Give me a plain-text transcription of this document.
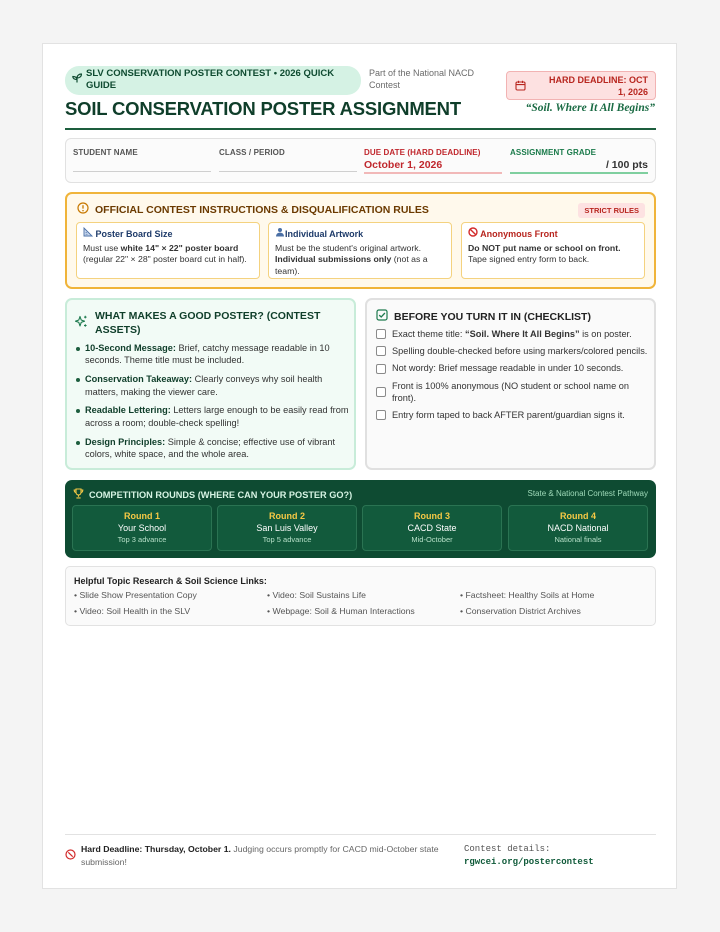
SLV CONSERVATION POSTER CONTEST • 2026 QUICK GUIDE
Part of the National NACD Contest	HARD DEADLINE: OCT 1, 2026
SOIL CONSERVATION POSTER ASSIGNMENT	“Soil. Where It All Begins”
STUDENT NAME	CLASS / PERIOD	DUE DATE (HARD DEADLINE)
October 1, 2026
ASSIGNMENT GRADE
/ 100 pts
OFFICIAL CONTEST INSTRUCTIONS & DISQUALIFICATION RULES	STRICT RULES
Poster Board Size
Must use white 14" × 22" poster board (regular 22" × 28" poster board cut in half).
Individual Artwork
Must be the student's original artwork. Individual submissions only (not as a team).
Anonymous Front
Do NOT put name or school on front. Tape signed entry form to back.
WHAT MAKES A GOOD POSTER? (CONTEST ASSETS)
10-Second Message: Brief, catchy message readable in 10 seconds. Theme title must be included.
Conservation Takeaway: Clearly conveys why soil health matters, making the viewer care.
Readable Lettering: Letters large enough to be easily read from across a room; double-check spelling!
Design Principles: Simple & concise; effective use of vibrant colors, white space, and the whole area.
BEFORE YOU TURN IT IN (CHECKLIST)
Exact theme title: “Soil. Where It All Begins” is on poster.
Spelling double-checked before using markers/colored pencils.
Not wordy: Brief message readable in under 10 seconds.
Front is 100% anonymous (NO student or school name on front).
Entry form taped to back AFTER parent/guardian signs it.
COMPETITION ROUNDS (WHERE CAN YOUR POSTER GO?)	State & National Contest Pathway
Round 1
Your School
Top 3 advance
Round 2
San Luis Valley
Top 5 advance
Round 3
CACD State
Mid-October
Round 4
NACD National
National finals
Helpful Topic Research & Soil Science Links:
• Slide Show Presentation Copy	• Video: Soil Sustains Life	• Factsheet: Healthy Soils at Home
• Video: Soil Health in the SLV	• Webpage: Soil & Human Interactions	• Conservation District Archives
Hard Deadline: Thursday, October 1. Judging occurs promptly for CACD mid-October state submission!
Contest details:
rgwcei.org/postercontest
